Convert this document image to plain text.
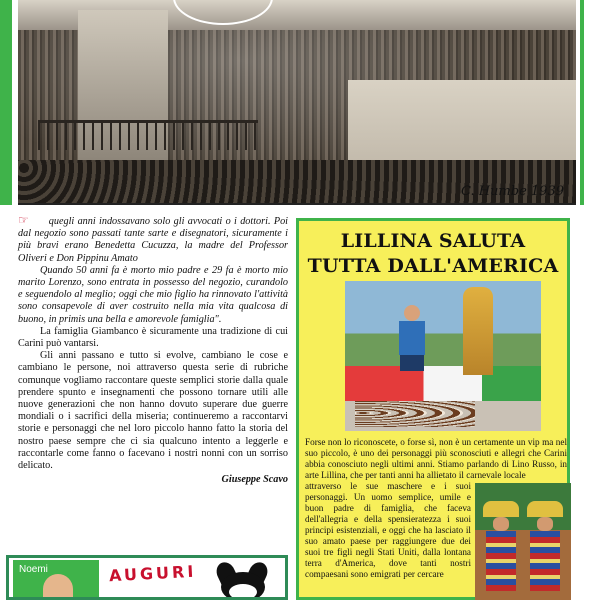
C. Humbe 1939

☞ quegli anni indossavano solo gli avvocati o i dottori. Poi dal negozio sono passati tante sarte e disegnatori, sicuramente i più bravi erano Benedetta Cucuzza, la madre del Professor Oliveri e Don Pippinu Amato

Quando 50 anni fa è morto mio padre e 29 fa è morto mio marito Lorenzo, sono entrata in possesso del negozio, curandolo e seguendolo al meglio; oggi che mio figlio ha rinnovato l'attività sono consapevole di aver costruito nella mia vita qualcosa di buono, in primis una bella e amorevole famiglia".

La famiglia Giambanco è sicuramente una tradizione di cui Carini può vantarsi.

Gli anni passano e tutto si evolve, cambiano le cose e cambiano le persone, noi attraverso questa serie di rubriche comunque vogliamo raccontare queste semplici storie dalla quale prendere spunto e insegnamenti che possono tornare utili alle nuove generazioni che non hanno dovuto superare due guerre mondiali o i sacrifici della miseria; continueremo a raccontarvi storie e personaggi che nel loro piccolo hanno fatto la storia del nostro paese sempre che ci sia qualcuno intento a leggerle e raccontarle come fanno o facevano i nostri nonni con un sorriso delicato.

Giuseppe Scavo

LILLINA SALUTA
TUTTA DALL'AMERICA

Forse non lo riconoscete, o forse sì, non è un certamente un vip ma nel suo piccolo, è uno dei personaggi più sconosciuti e allegri che Carini abbia conosciuto negli ultimi anni. Stiamo parlando di Lino Russo, in arte Lillina, che per tanti anni ha allietato il carnevale locale

attraverso le sue maschere e i suoi personaggi. Un uomo semplice, umile e buon padre di famiglia, che faceva dell'allegria e della spensieratezza i suoi principi esistenziali, e oggi che ha lasciato il suo amato paese per raggiungere due dei suoi tre figli negli Stati Uniti, dalla lontana terra d'America, dove tanti nostri compaesani sono emigrati per cercare

Noemi	AUGURI
